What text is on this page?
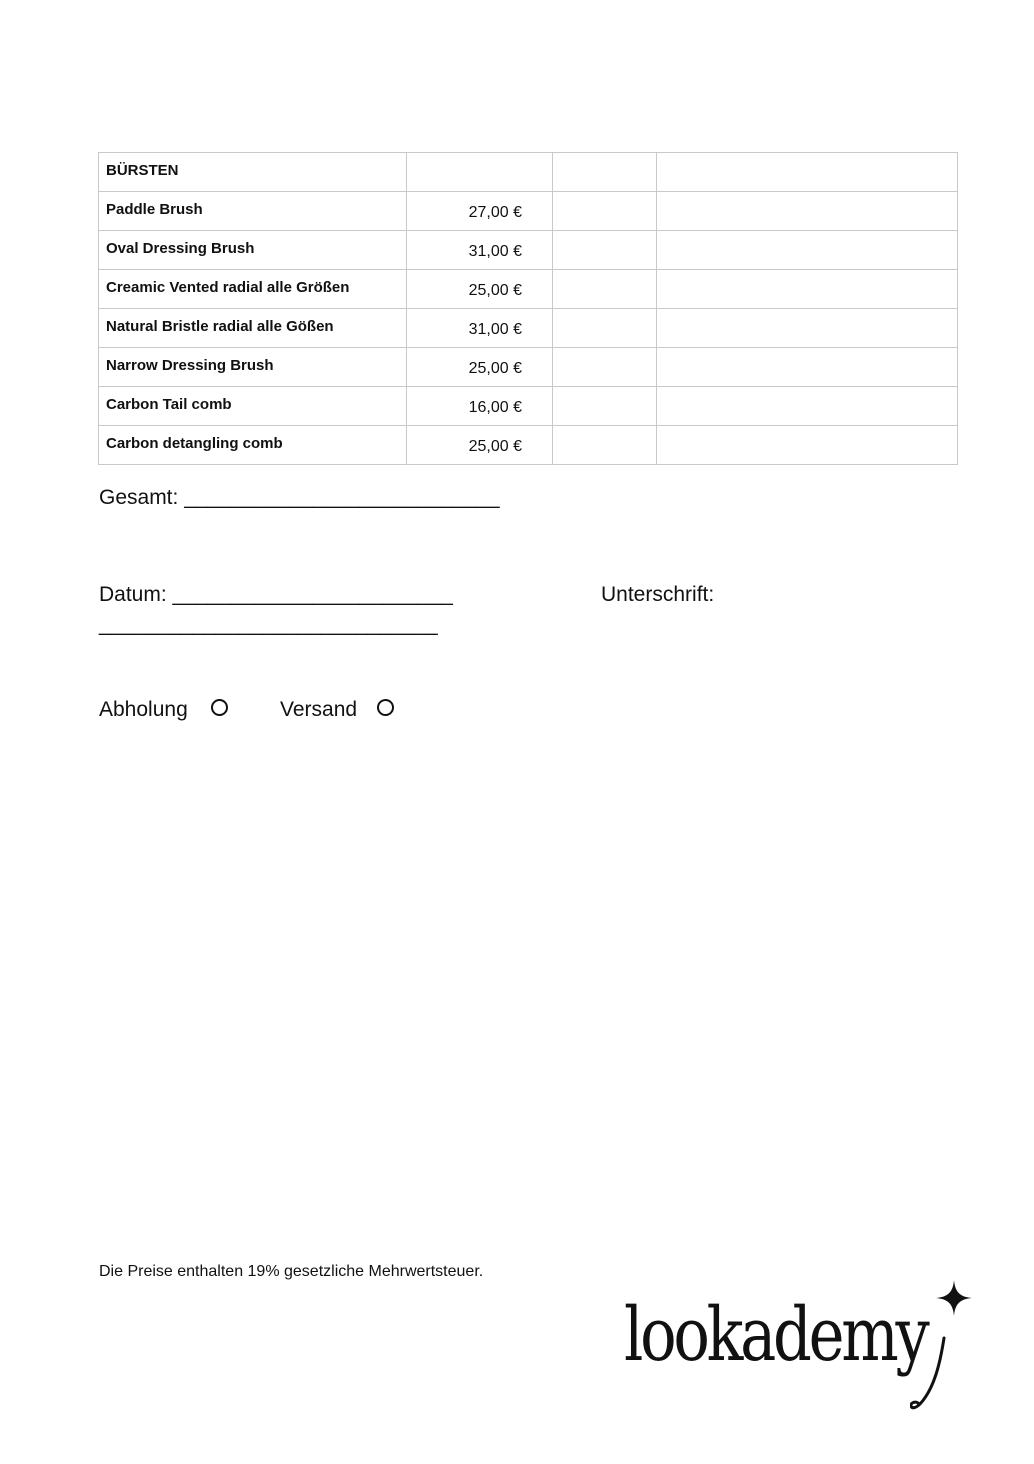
BÜRSTEN			
Paddle Brush	27,00 €		
Oval Dressing Brush	31,00 €		
Creamic Vented radial alle Größen	25,00 €		
Natural Bristle radial alle Gößen	31,00 €		
Narrow Dressing Brush	25,00 €		
Carbon Tail comb	16,00 €		
Carbon detangling comb	25,00 €		
Gesamt: ___________________________
Datum: ________________________	Unterschrift:
_____________________________
Abholung	Versand
Die Preise enthalten 19% gesetzliche Mehrwertsteuer.
lookademy
